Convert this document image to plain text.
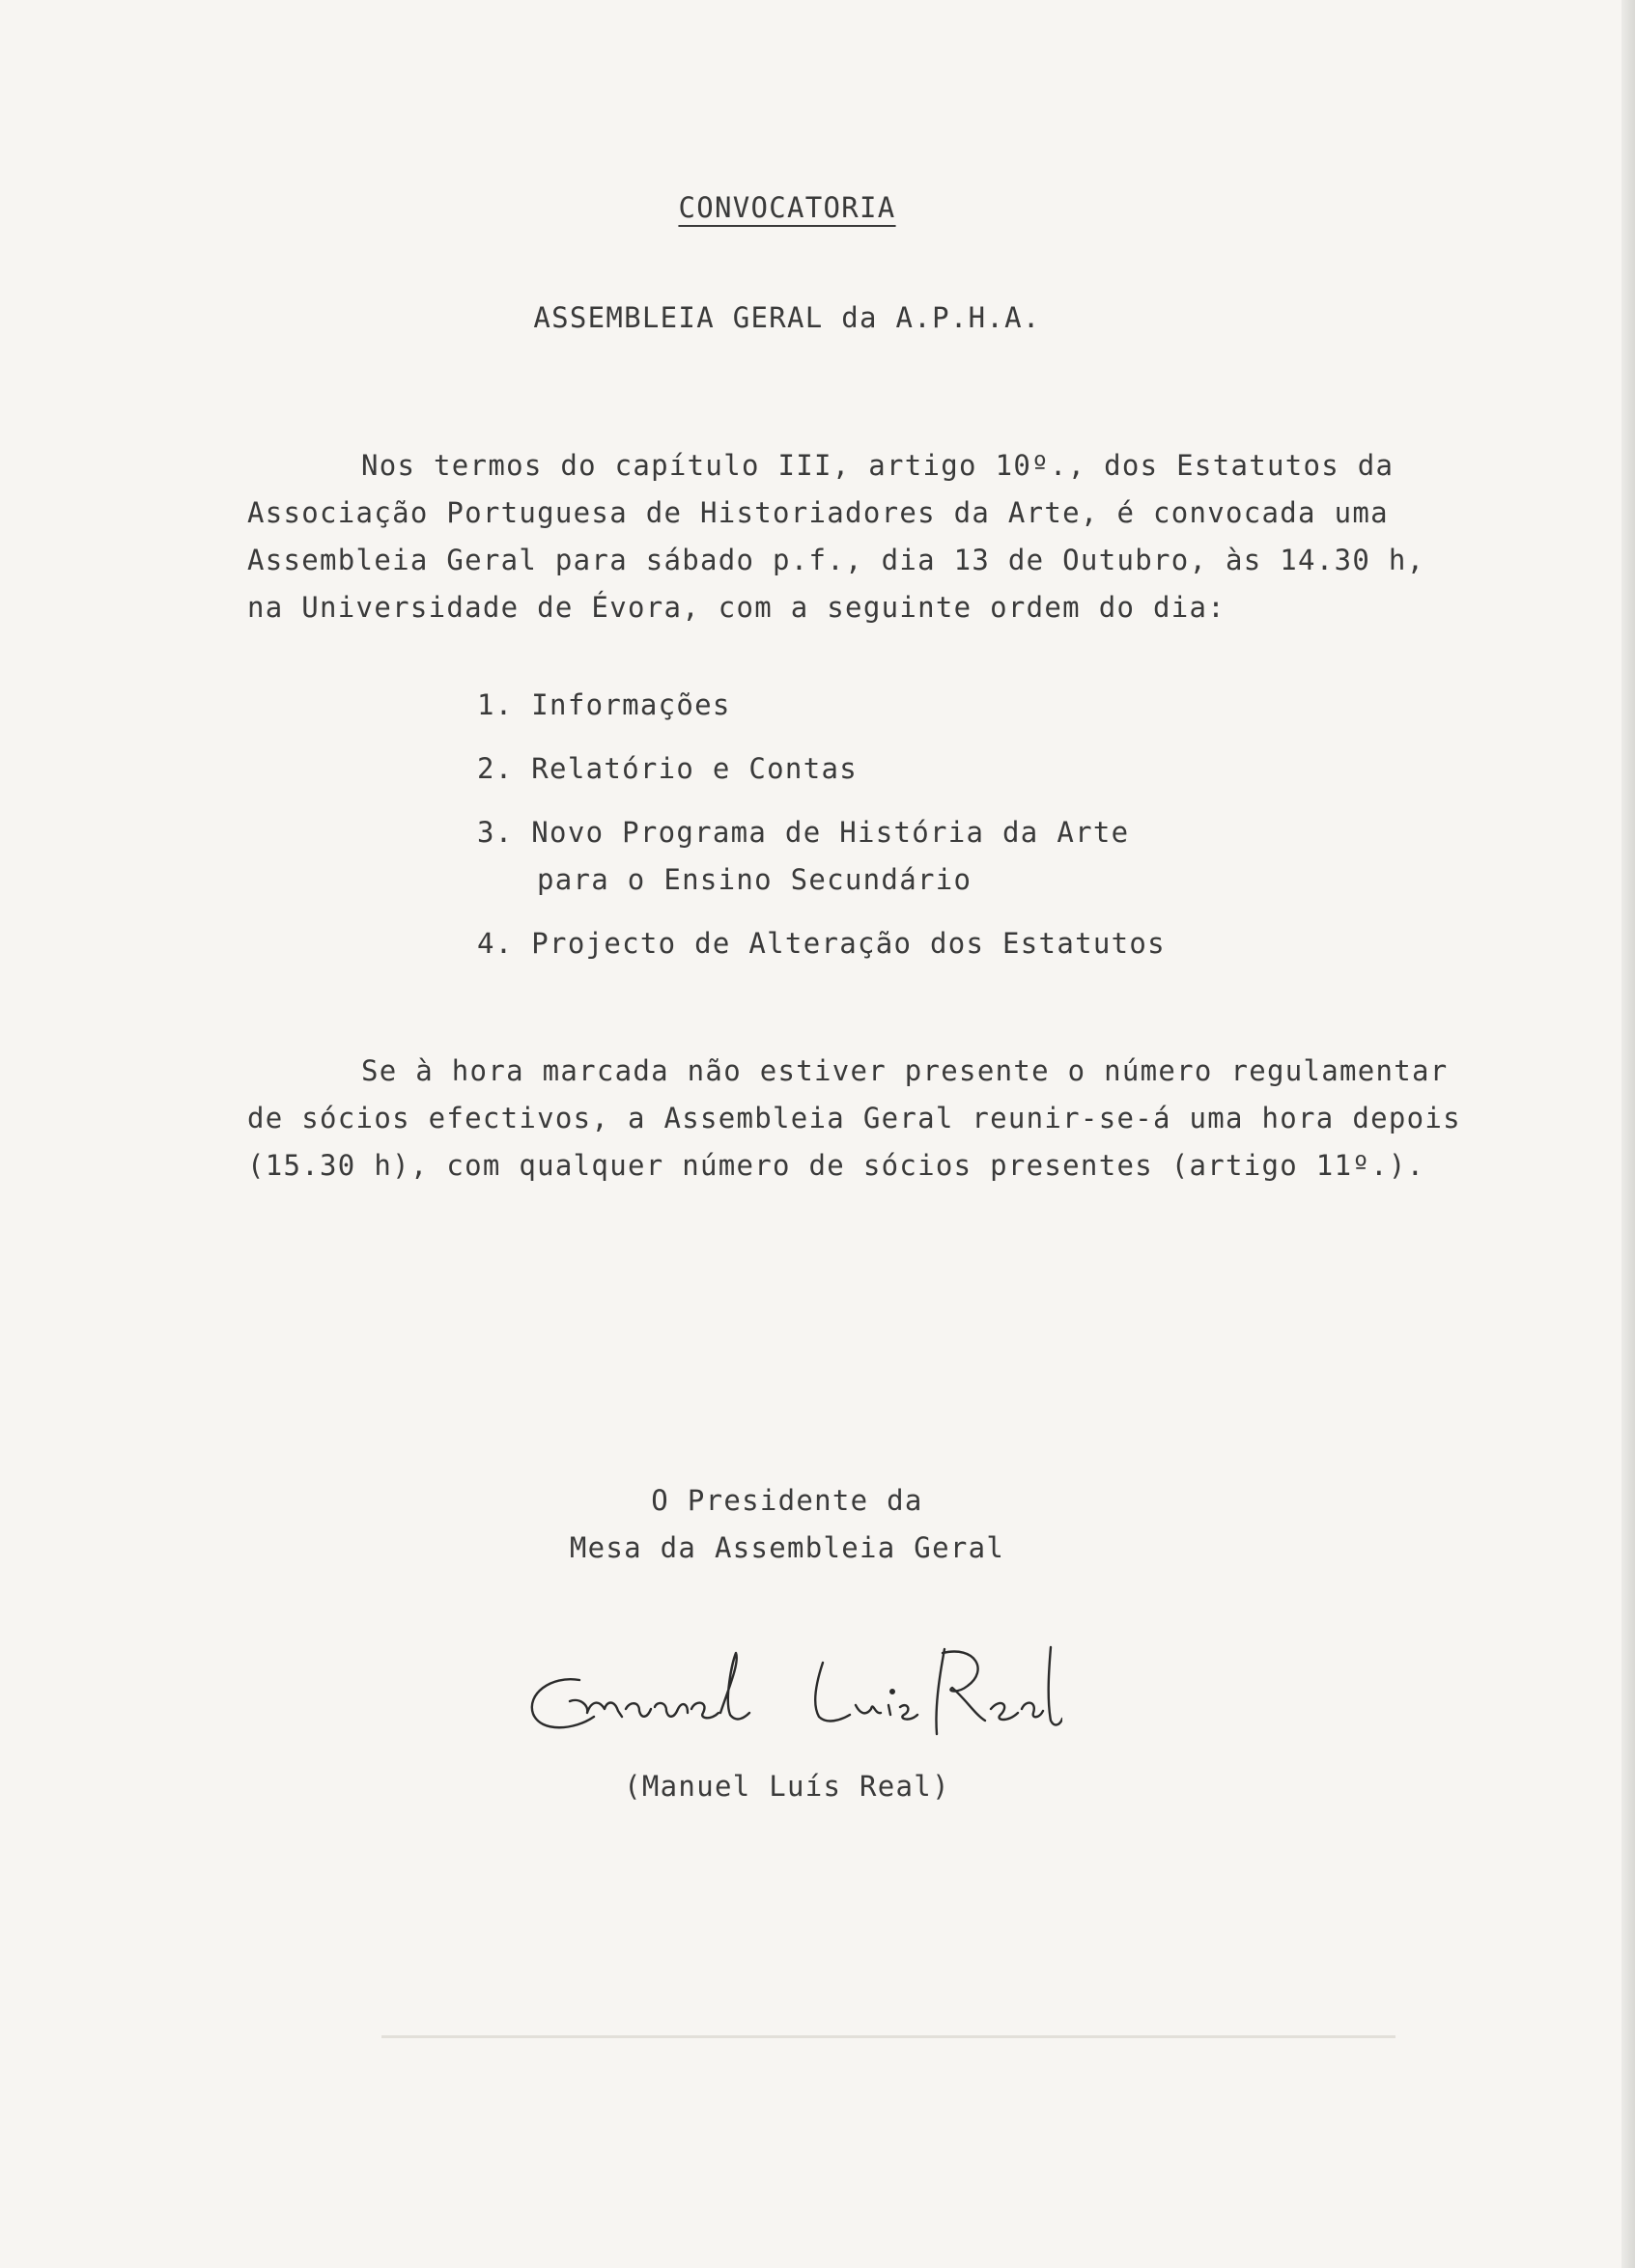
CONVOCATORIA
ASSEMBLEIA GERAL da A.P.H.A.
Nos termos do capítulo III, artigo 10º., dos Estatutos da
Associação Portuguesa de Historiadores da Arte, é convocada uma
Assembleia Geral para sábado p.f., dia 13 de Outubro, às 14.30 h,
na Universidade de Évora, com a seguinte ordem do dia:
1. Informações
2. Relatório e Contas
3. Novo Programa de História da Arte
para o Ensino Secundário
4. Projecto de Alteração dos Estatutos
Se à hora marcada não estiver presente o número regulamentar
de sócios efectivos, a Assembleia Geral reunir-se-á uma hora depois
(15.30 h), com qualquer número de sócios presentes (artigo 11º.).
O Presidente da
Mesa da Assembleia Geral
(Manuel Luís Real)
